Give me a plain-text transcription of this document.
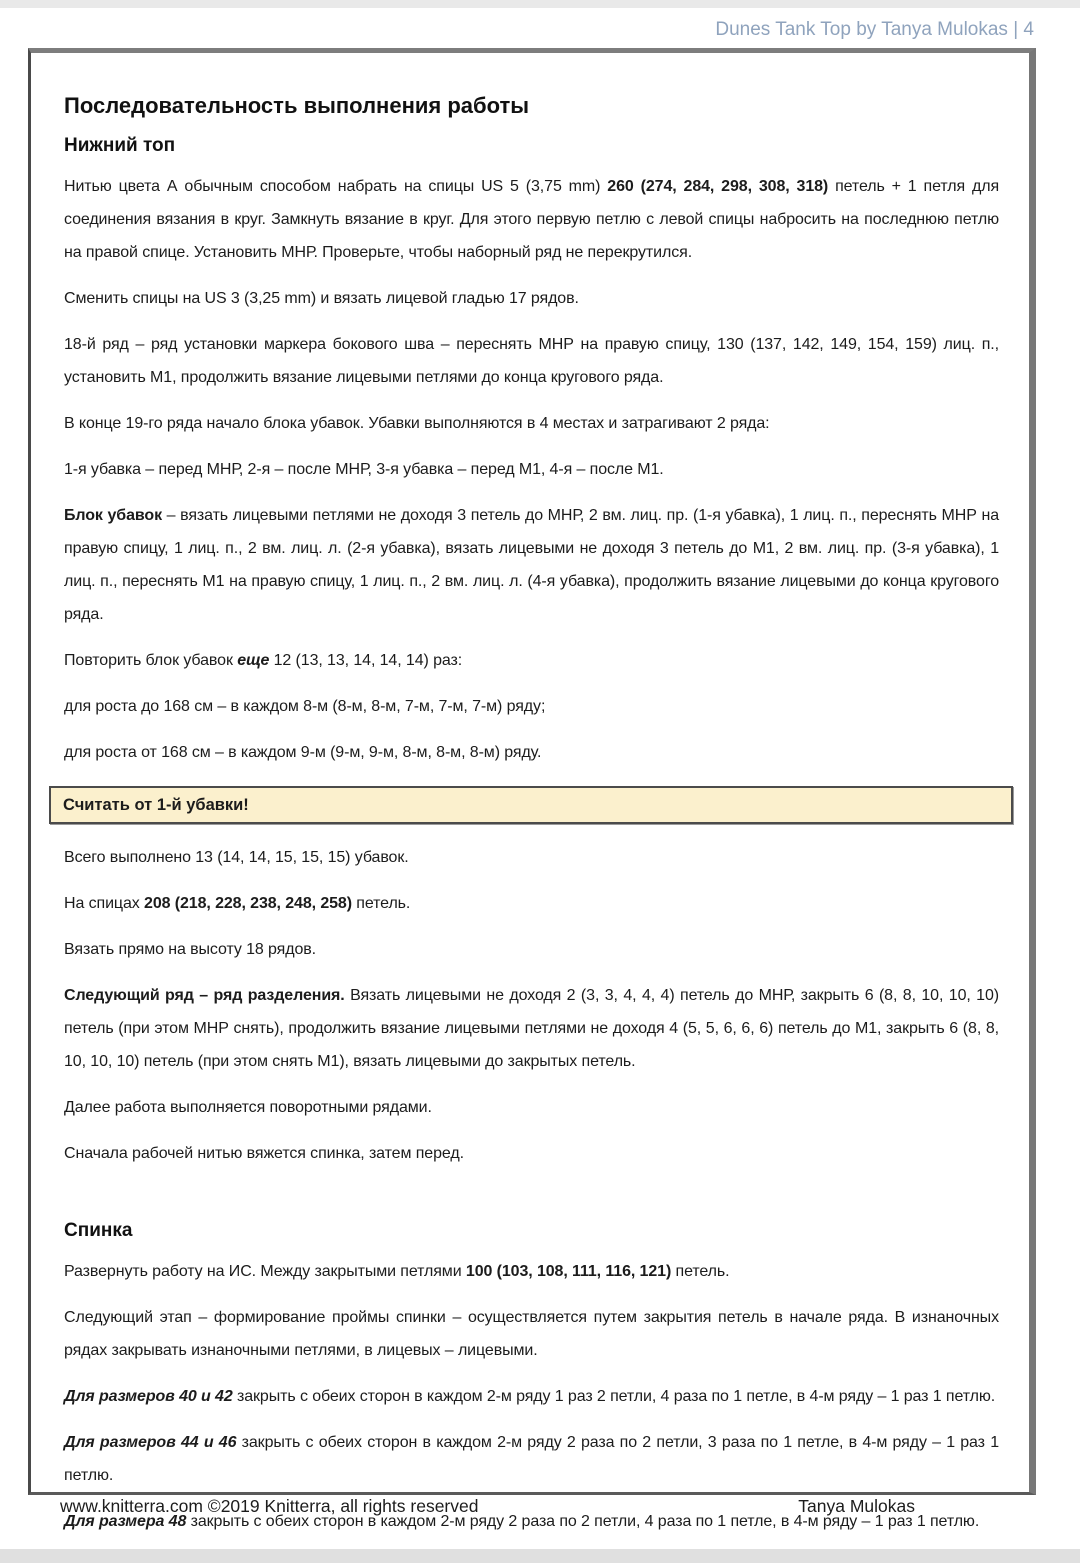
Dunes Tank Top by Tanya Mulokas | 4
Последовательность выполнения работы
Нижний топ

Нитью цвета А обычным способом набрать на спицы US 5 (3,75 mm) 260 (274, 284, 298, 308, 318) петель + 1 петля для соединения вязания в круг. Замкнуть вязание в круг. Для этого первую петлю с левой спицы набросить на последнюю петлю на правой спице. Установить МНР. Проверьте, чтобы наборный ряд не перекрутился.

Сменить спицы на US 3 (3,25 mm) и вязать лицевой гладью 17 рядов.

18-й ряд – ряд установки маркера бокового шва – переснять МНР на правую спицу, 130 (137, 142, 149, 154, 159) лиц. п., установить М1, продолжить вязание лицевыми петлями до конца кругового ряда.

В конце 19-го ряда начало блока убавок. Убавки выполняются в 4 местах и затрагивают 2 ряда:

1-я убавка – перед МНР, 2-я – после МНР, 3-я убавка – перед М1, 4-я – после М1.

Блок убавок – вязать лицевыми петлями не доходя 3 петель до МНР, 2 вм. лиц. пр. (1-я убавка), 1 лиц. п., переснять МНР на правую спицу, 1 лиц. п., 2 вм. лиц. л. (2-я убавка), вязать лицевыми не доходя 3 петель до М1, 2 вм. лиц. пр. (3-я убавка), 1 лиц. п., переснять М1 на правую спицу, 1 лиц. п., 2 вм. лиц. л. (4-я убавка), продолжить вязание лицевыми до конца кругового ряда.

Повторить блок убавок еще 12 (13, 13, 14, 14, 14) раз:

для роста до 168 см – в каждом 8-м (8-м, 8-м, 7-м, 7-м, 7-м) ряду;

для роста от 168 см – в каждом 9-м (9-м, 9-м, 8-м, 8-м, 8-м) ряду.

Считать от 1-й убавки!

Всего выполнено 13 (14, 14, 15, 15, 15) убавок.

На спицах 208 (218, 228, 238, 248, 258) петель.

Вязать прямо на высоту 18 рядов.

Следующий ряд – ряд разделения. Вязать лицевыми не доходя 2 (3, 3, 4, 4, 4) петель до МНР, закрыть 6 (8, 8, 10, 10, 10) петель (при этом МНР снять), продолжить вязание лицевыми петлями не доходя 4 (5, 5, 6, 6, 6) петель до М1, закрыть 6 (8, 8, 10, 10, 10) петель (при этом снять М1), вязать лицевыми до закрытых петель.

Далее работа выполняется поворотными рядами.

Сначала рабочей нитью вяжется спинка, затем перед.

Спинка

Развернуть работу на ИС. Между закрытыми петлями 100 (103, 108, 111, 116, 121) петель.

Следующий этап – формирование проймы спинки – осуществляется путем закрытия петель в начале ряда. В изнаночных рядах закрывать изнаночными петлями, в лицевых – лицевыми.

Для размеров 40 и 42 закрыть с обеих сторон в каждом 2-м ряду 1 раз 2 петли, 4 раза по 1 петле, в 4-м ряду – 1 раз 1 петлю.

Для размеров 44 и 46 закрыть с обеих сторон в каждом 2-м ряду 2 раза по 2 петли, 3 раза по 1 петле, в 4-м ряду – 1 раз 1 петлю.

Для размера 48 закрыть с обеих сторон в каждом 2-м ряду 2 раза по 2 петли, 4 раза по 1 петле, в 4-м ряду – 1 раз 1 петлю.

www.knitterra.com ©2019 Knitterra, all rights reserved	Tanya Mulokas
